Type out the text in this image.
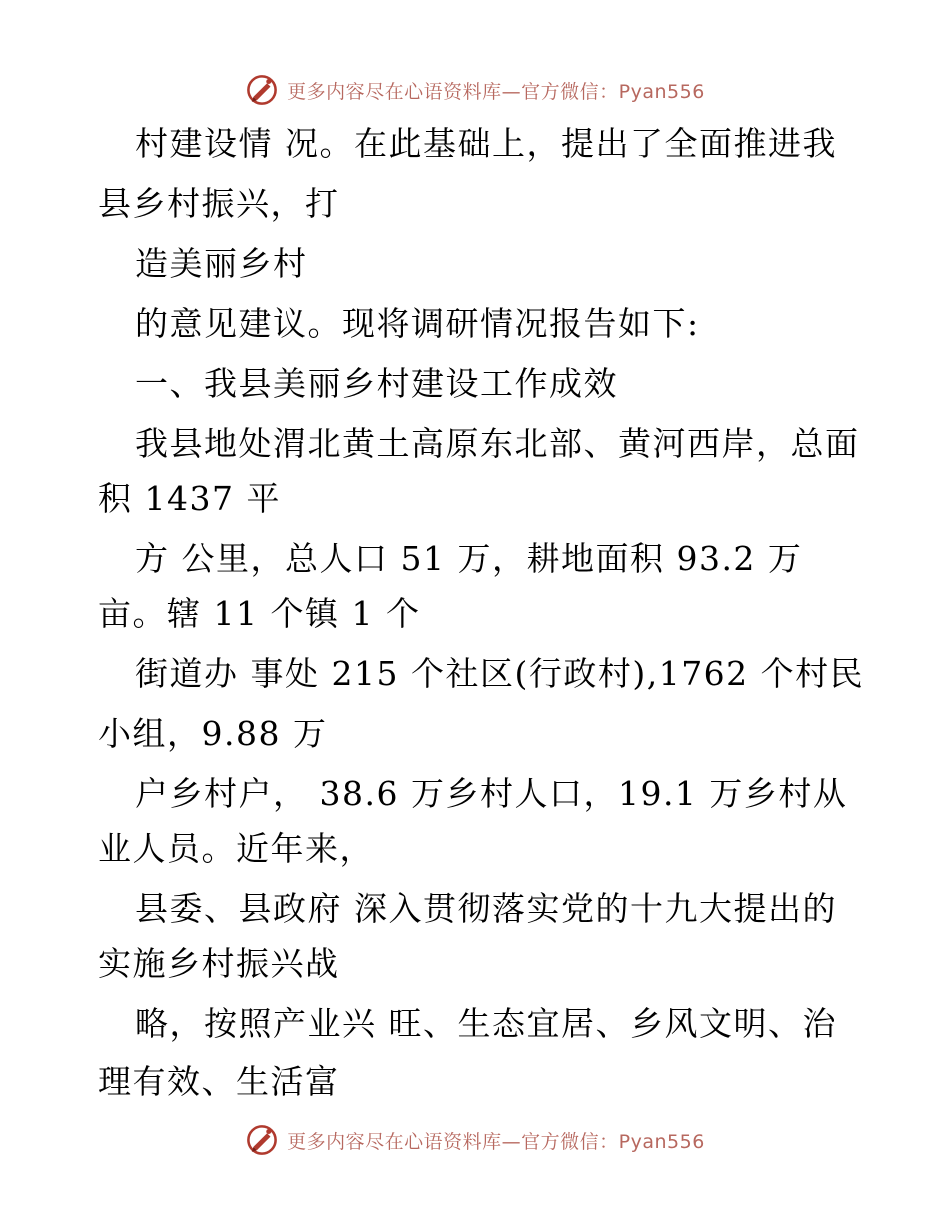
更多内容尽在心语资料库—官方微信：Pyan556
村建设情 况。在此基础上，提出了全面推进我
县乡村振兴，打
造美丽乡村
的意见建议。现将调研情况报告如下:
一、我县美丽乡村建设工作成效
我县地处渭北黄土高原东北部、黄河西岸，总面
积 1437 平
方 公里，总人口 51 万，耕地面积 93.2 万
亩。辖 11 个镇 1 个
街道办 事处 215 个社区(行政村),1762 个村民
小组，9.88 万
户乡村户， 38.6 万乡村人口，19.1 万乡村从
业人员。近年来，
县委、县政府 深入贯彻落实党的十九大提出的
实施乡村振兴战
略，按照产业兴 旺、生态宜居、乡风文明、治
理有效、生活富
更多内容尽在心语资料库—官方微信：Pyan556
